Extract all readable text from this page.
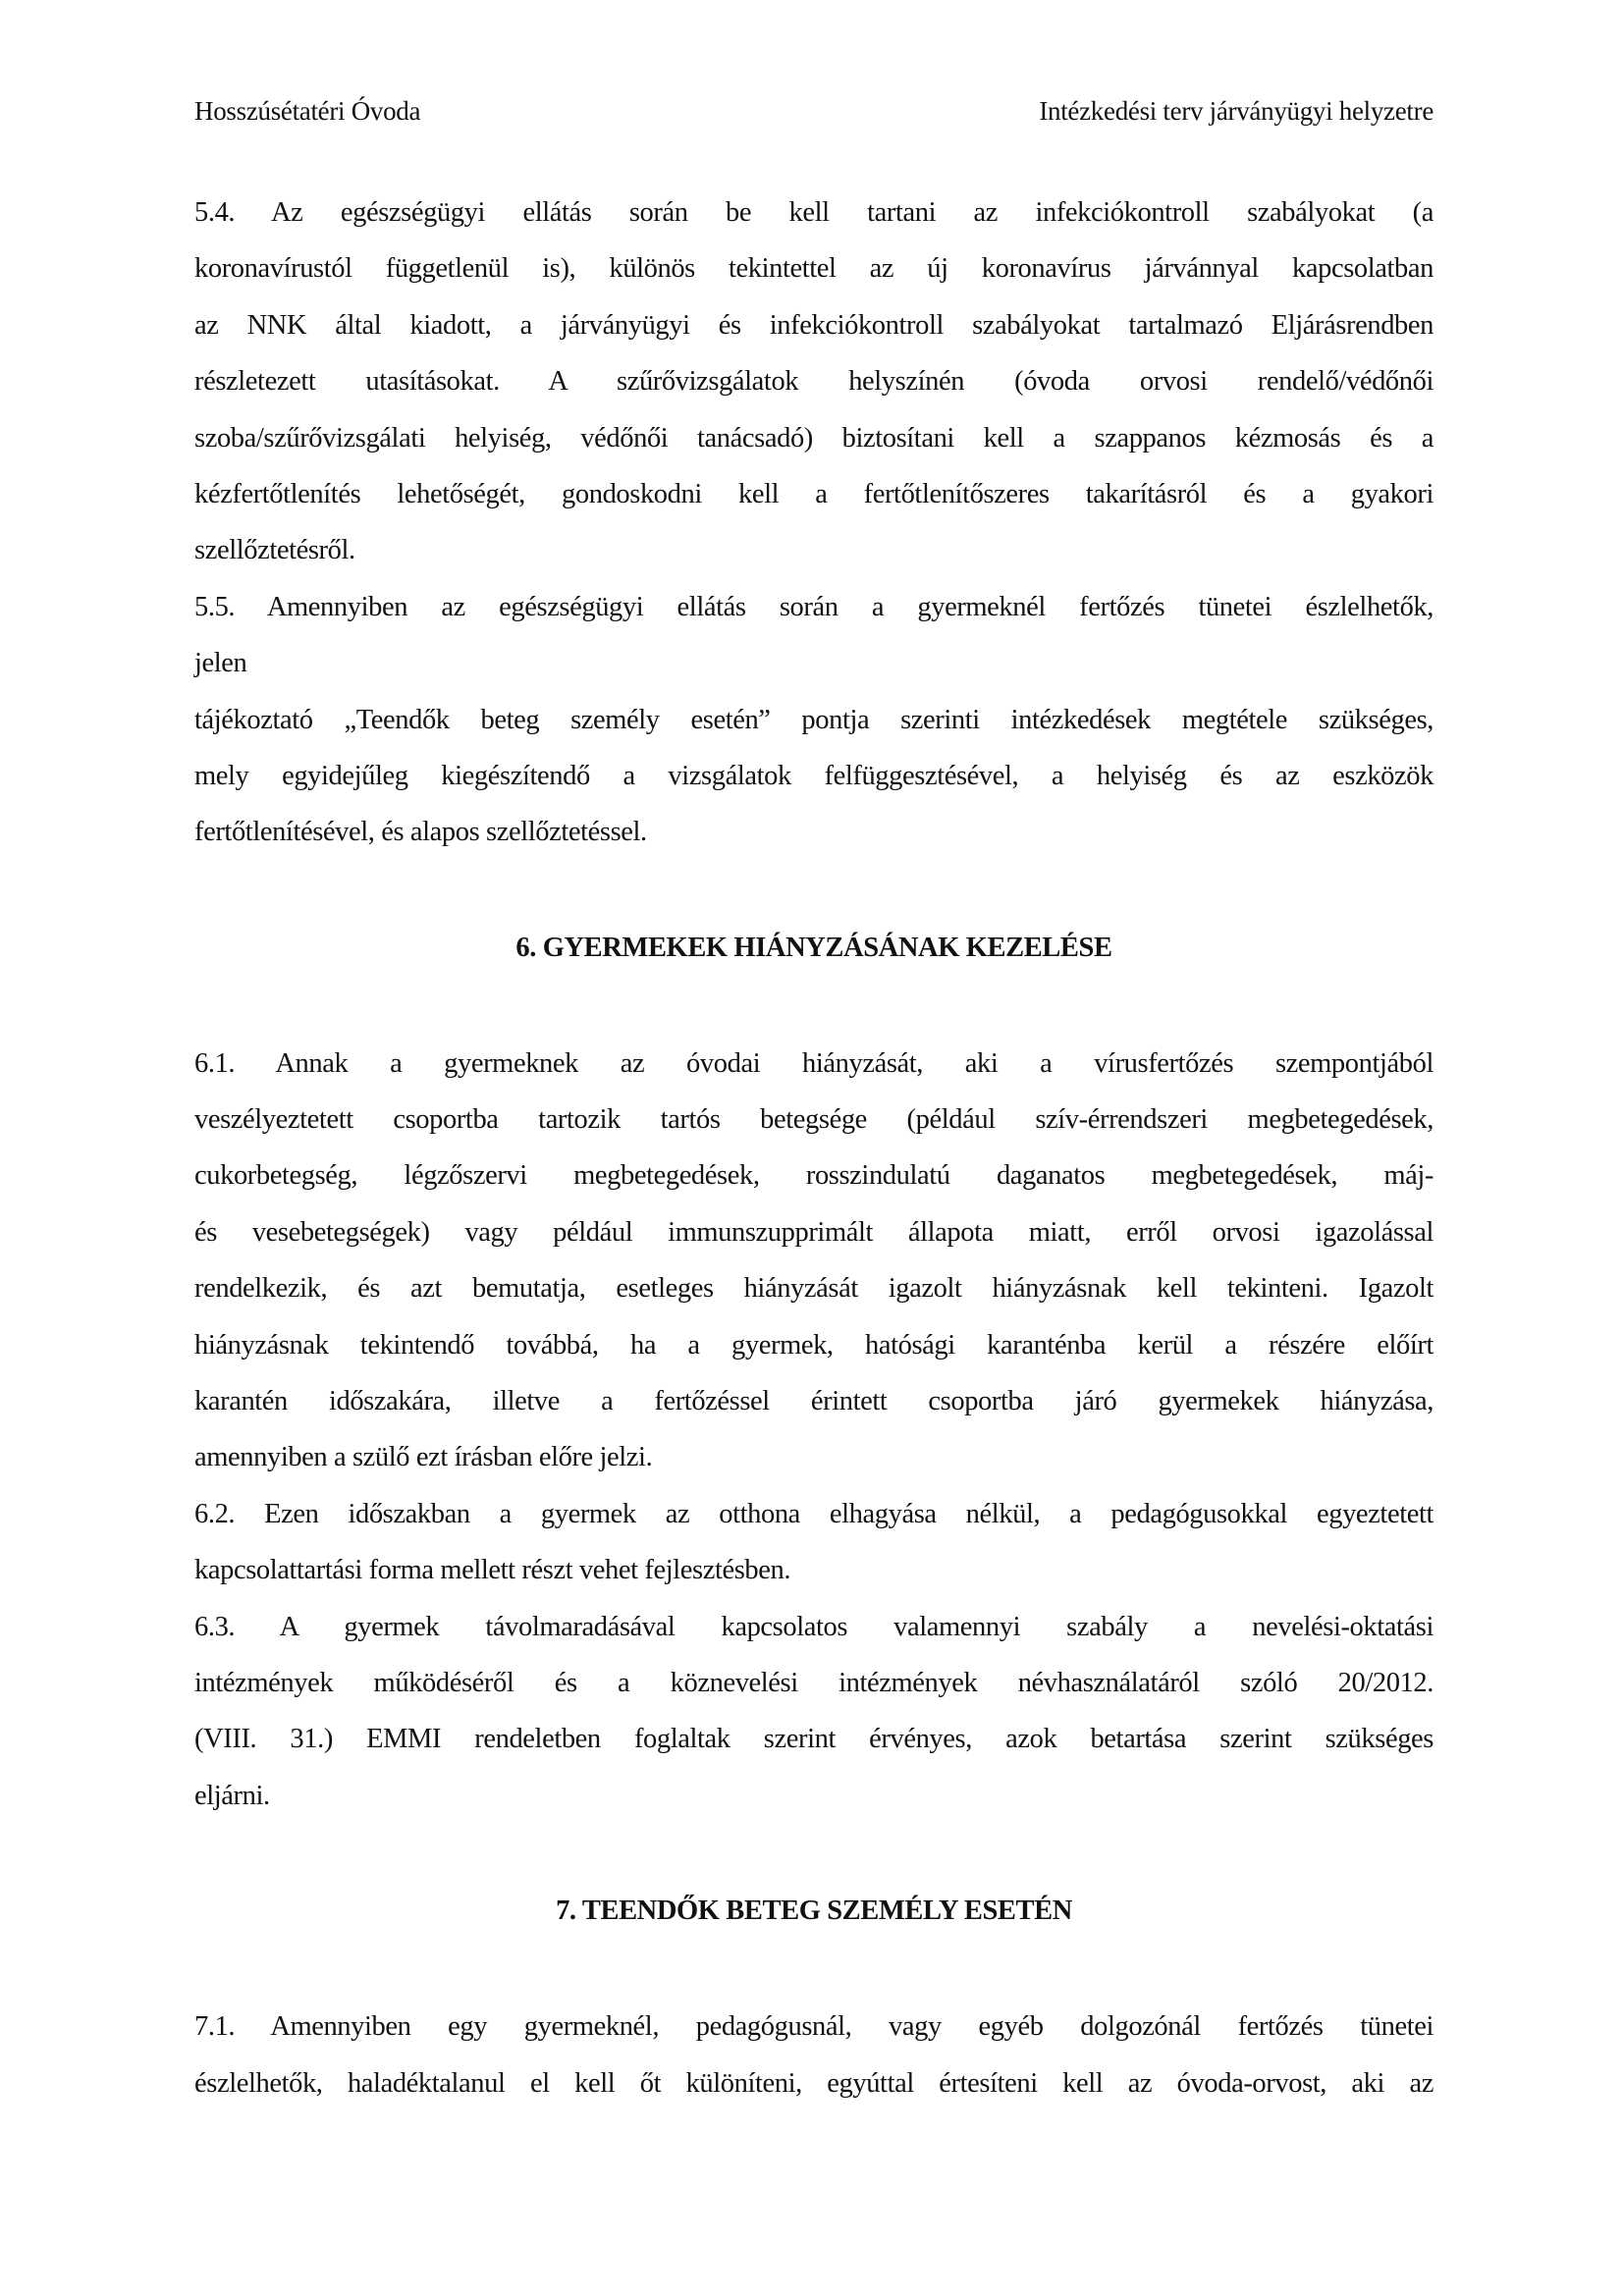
Hosszúsétatéri Óvoda	Intézkedési terv járványügyi helyzetre
5.4. Az egészségügyi ellátás során be kell tartani az infekciókontroll szabályokat (a
koronavírustól függetlenül is), különös tekintettel az új koronavírus járvánnyal kapcsolatban
az NNK által kiadott, a járványügyi és infekciókontroll szabályokat tartalmazó Eljárásrendben
részletezett utasításokat. A szűrővizsgálatok helyszínén (óvoda orvosi rendelő/védőnői
szoba/szűrővizsgálati helyiség, védőnői tanácsadó) biztosítani kell a szappanos kézmosás és a
kézfertőtlenítés lehetőségét, gondoskodni kell a fertőtlenítőszeres takarításról és a gyakori
szellőztetésről.
5.5. Amennyiben az egészségügyi ellátás során a gyermeknél fertőzés tünetei észlelhetők,
jelen
tájékoztató „Teendők beteg személy esetén” pontja szerinti intézkedések megtétele szükséges,
mely egyidejűleg kiegészítendő a vizsgálatok felfüggesztésével, a helyiség és az eszközök
fertőtlenítésével, és alapos szellőztetéssel.
6. GYERMEKEK HIÁNYZÁSÁNAK KEZELÉSE
6.1. Annak a gyermeknek az óvodai hiányzását, aki a vírusfertőzés szempontjából
veszélyeztetett csoportba tartozik tartós betegsége (például szív-érrendszeri megbetegedések,
cukorbetegség, légzőszervi megbetegedések, rosszindulatú daganatos megbetegedések, máj-
és vesebetegségek) vagy például immunszupprimált állapota miatt, erről orvosi igazolással
rendelkezik, és azt bemutatja, esetleges hiányzását igazolt hiányzásnak kell tekinteni. Igazolt
hiányzásnak tekintendő továbbá, ha a gyermek, hatósági karanténba kerül a részére előírt
karantén időszakára, illetve a fertőzéssel érintett csoportba járó gyermekek hiányzása,
amennyiben a szülő ezt írásban előre jelzi.
6.2. Ezen időszakban a gyermek az otthona elhagyása nélkül, a pedagógusokkal egyeztetett
kapcsolattartási forma mellett részt vehet fejlesztésben.
6.3. A gyermek távolmaradásával kapcsolatos valamennyi szabály a nevelési-oktatási
intézmények működéséről és a köznevelési intézmények névhasználatáról szóló 20/2012.
(VIII. 31.) EMMI rendeletben foglaltak szerint érvényes, azok betartása szerint szükséges
eljárni.
7. TEENDŐK BETEG SZEMÉLY ESETÉN
7.1. Amennyiben egy gyermeknél, pedagógusnál, vagy egyéb dolgozónál fertőzés tünetei
észlelhetők, haladéktalanul el kell őt különíteni, egyúttal értesíteni kell az óvoda-orvost, aki az
